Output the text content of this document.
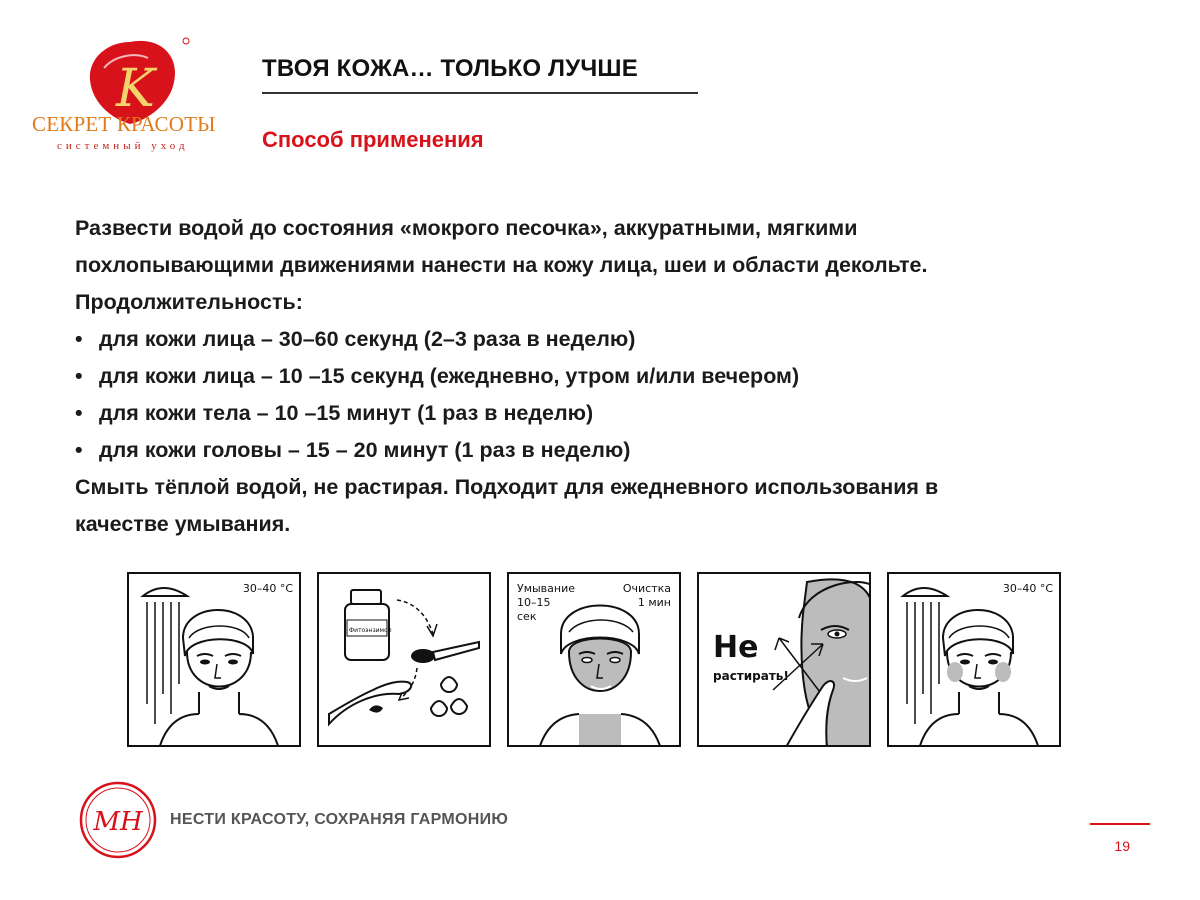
K
СЕКРЕТ КРАСОТЫ
системный уход
ТВОЯ КОЖА… ТОЛЬКО ЛУЧШЕ
Способ применения

Развести водой до состояния «мокрого песочка», аккуратными, мягкими

похлопывающими движениями нанести на кожу лица, шеи и области декольте.

Продолжительность:

• для кожи лица – 30–60 секунд (2–3 раза в неделю)

• для кожи лица – 10 –15 секунд (ежедневно, утром и/или вечером)

• для кожи тела – 10 –15 минут (1 раз в неделю)

• для кожи головы – 15 – 20 минут (1 раз в неделю)

Смыть тёплой водой, не растирая. Подходит для ежедневного использования в

качестве умывания.

30–40 °C
Фитоэнзимол
Умывание
10–15
сек
Очистка
1 мин
Не
растирать!
30–40 °C
МН НЕСТИ КРАСОТУ, СОХРАНЯЯ ГАРМОНИЮ
19
